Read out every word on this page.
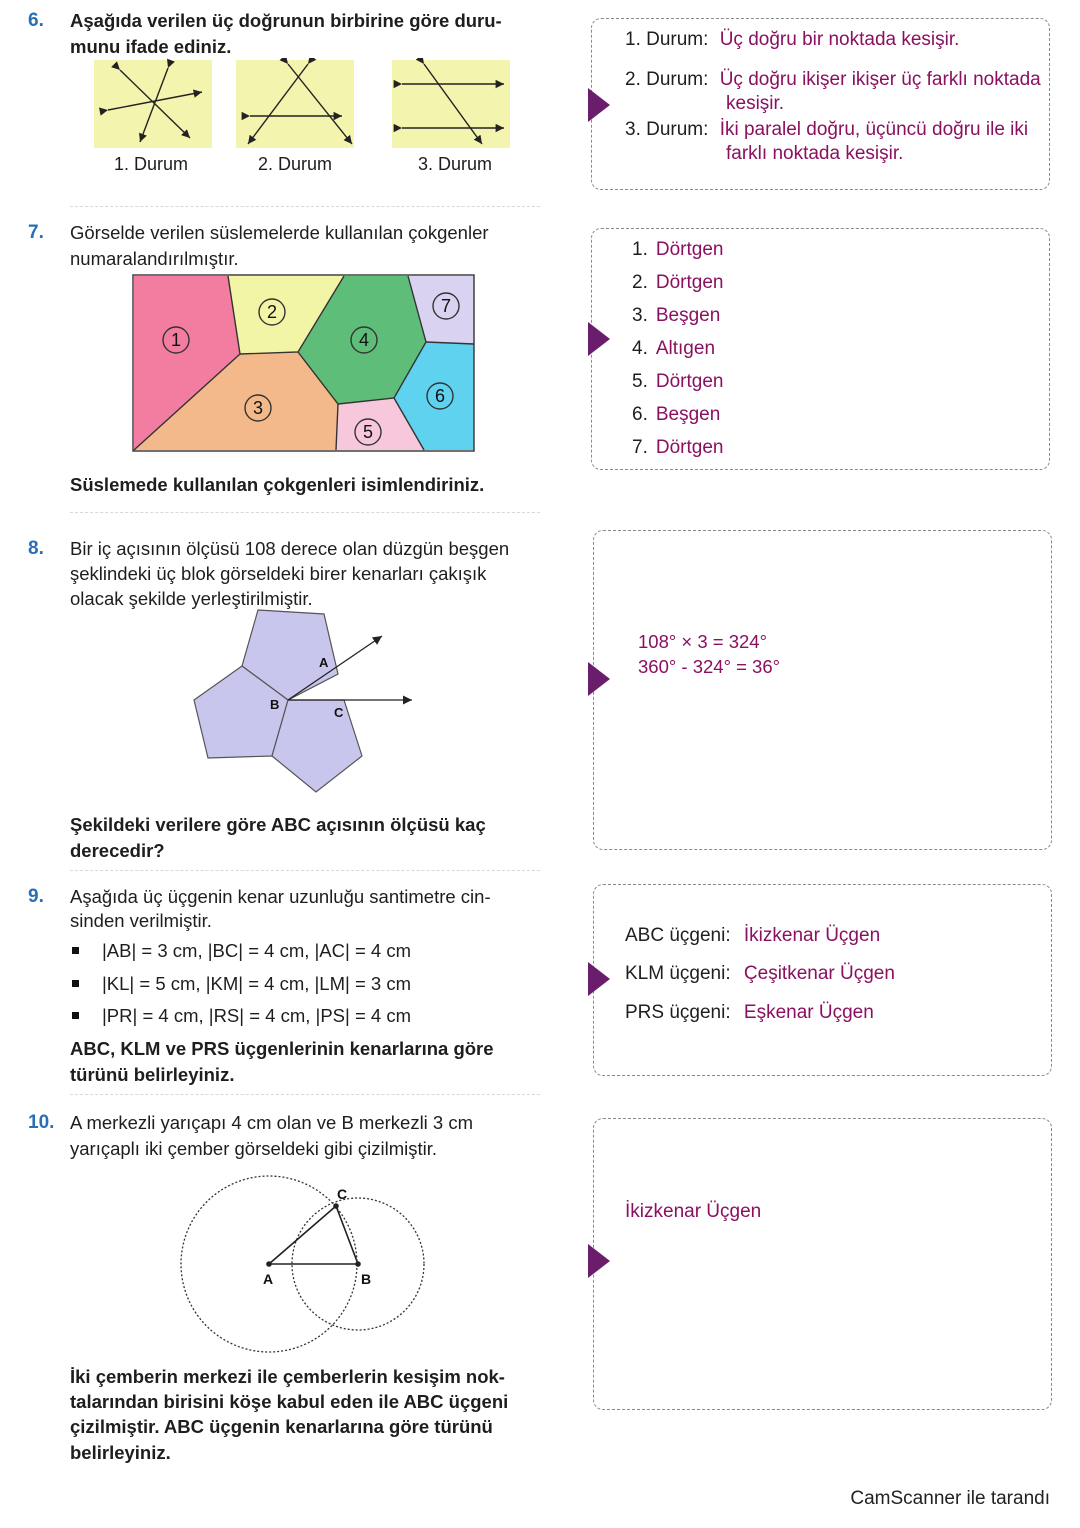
6. Aşağıda verilen üç doğrunun birbirine göre duru-
munu ifade ediniz.
1. Durum	2. Durum	3. Durum
1. Durum: Üç doğru bir noktada kesişir.
2. Durum: Üç doğru ikişer ikişer üç farklı noktada
kesişir.
3. Durum: İki paralel doğru, üçüncü doğru ile iki
farklı noktada kesişir.
7. Görselde verilen süslemelerde kullanılan çokgenler
numaralandırılmıştır.
1
2
3
4
5
6
7
Süslemede kullanılan çokgenleri isimlendiriniz.
1. Dörtgen
2. Dörtgen
3. Beşgen
4. Altıgen
5. Dörtgen
6. Beşgen
7. Dörtgen
8. Bir iç açısının ölçüsü 108 derece olan düzgün beşgen
şeklindeki üç blok görseldeki birer kenarları çakışık
olacak şekilde yerleştirilmiştir.
A
B
C
Şekildeki verilere göre ABC açısının ölçüsü kaç
derecedir?
108° × 3 = 324°
360° - 324° = 36°
9. Aşağıda üç üçgenin kenar uzunluğu santimetre cin-
sinden verilmiştir.
|AB| = 3 cm, |BC| = 4 cm, |AC| = 4 cm
|KL| = 5 cm, |KM| = 4 cm, |LM| = 3 cm
|PR| = 4 cm, |RS| = 4 cm, |PS| = 4 cm
ABC, KLM ve PRS üçgenlerinin kenarlarına göre
türünü belirleyiniz.
ABC üçgeni: İkizkenar Üçgen
KLM üçgeni: Çeşitkenar Üçgen
PRS üçgeni: Eşkenar Üçgen
10. A merkezli yarıçapı 4 cm olan ve B merkezli 3 cm
yarıçaplı iki çember görseldeki gibi çizilmiştir.
A	B
C
İki çemberin merkezi ile çemberlerin kesişim nok-
talarından birisini köşe kabul eden ile ABC üçgeni
çizilmiştir. ABC üçgenin kenarlarına göre türünü
belirleyiniz.
İkizkenar Üçgen
CamScanner ile tarandı
